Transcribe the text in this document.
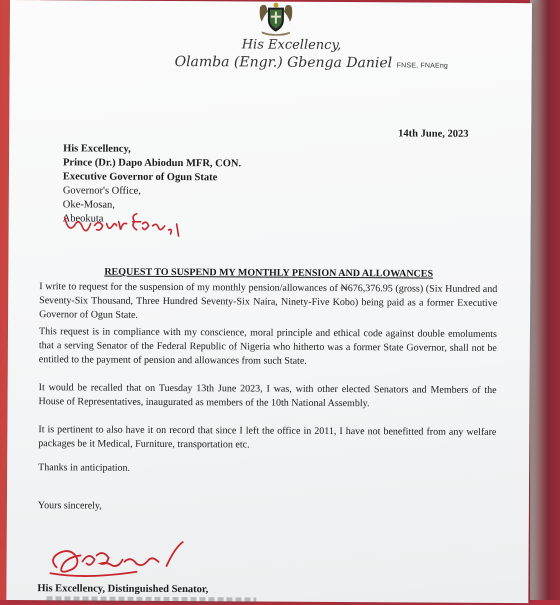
His Excellency,
Olamba (Engr.) Gbenga Daniel FNSE, FNAEng
14th June, 2023
His Excellency,
Prince (Dr.) Dapo Abiodun MFR, CON.
Executive Governor of Ogun State
Governor's Office,
Oke-Mosan,
Abeokuta
REQUEST TO SUSPEND MY MONTHLY PENSION AND ALLOWANCES
I write to request for the suspension of my monthly pension/allowances of ₦676,376.95 (gross) (Six Hundred and Seventy-Six Thousand, Three Hundred Seventy-Six Naira, Ninety-Five Kobo) being paid as a former Executive Governor of Ogun State.
This request is in compliance with my conscience, moral principle and ethical code against double emoluments that a serving Senator of the Federal Republic of Nigeria who hitherto was a former State Governor, shall not be entitled to the payment of pension and allowances from such State.
It would be recalled that on Tuesday 13th June 2023, I was, with other elected Senators and Members of the House of Representatives, inaugurated as members of the 10th National Assembly.
It is pertinent to also have it on record that since I left the office in 2011, I have not benefitted from any welfare packages be it Medical, Furniture, transportation etc.
Thanks in anticipation.
Yours sincerely,
His Excellency, Distinguished Senator,
